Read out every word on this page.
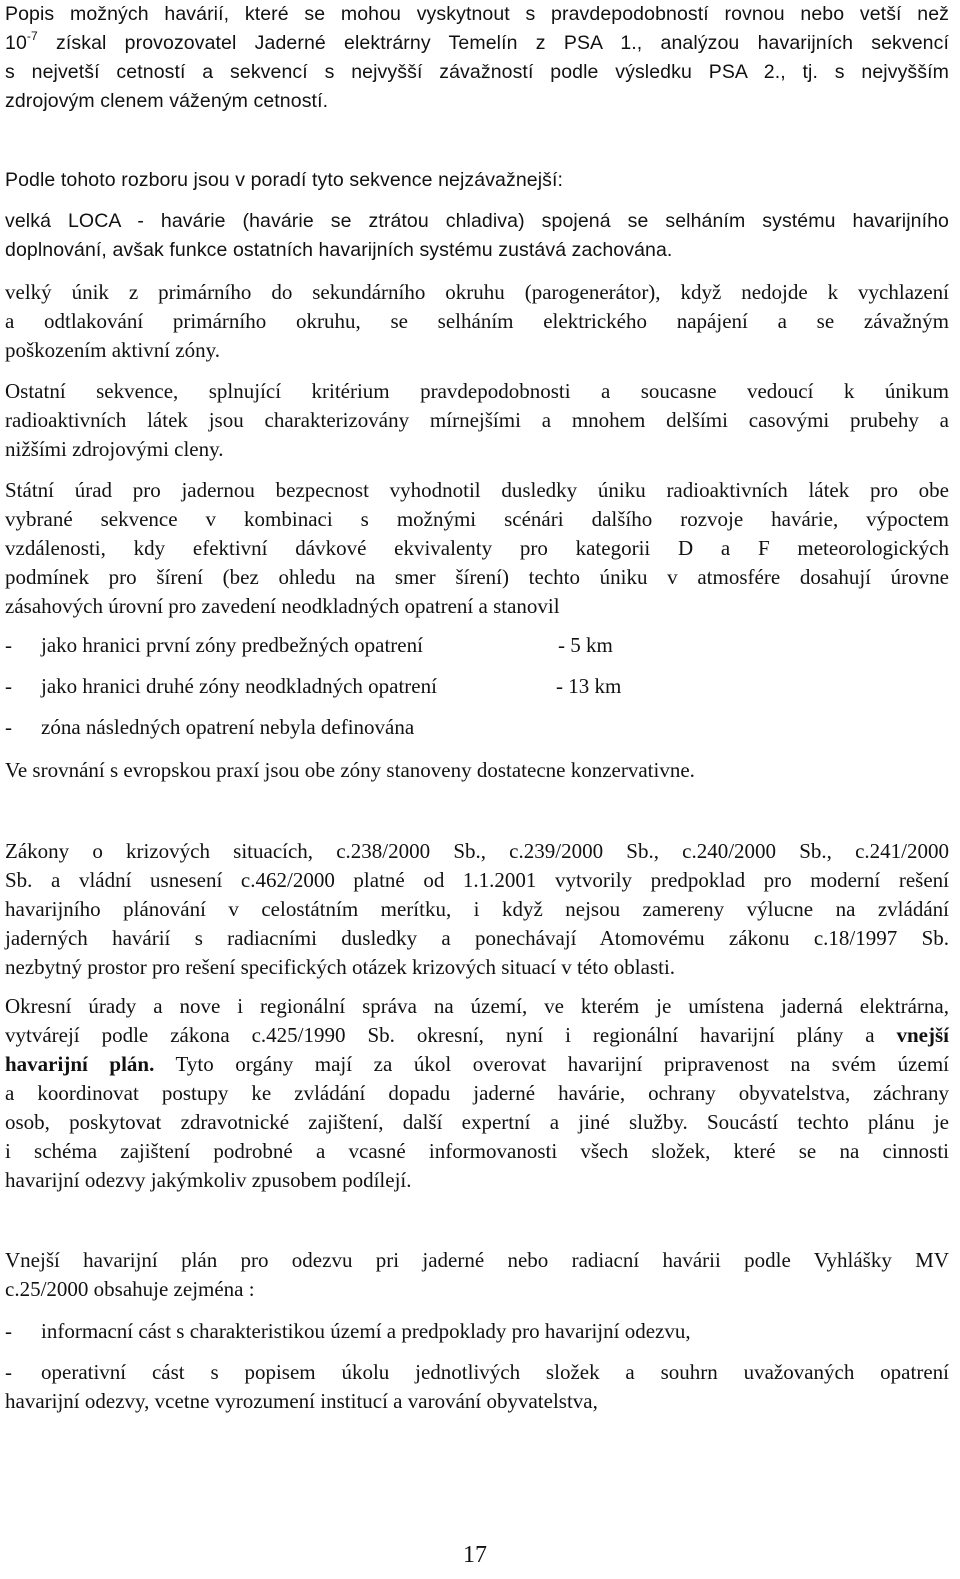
Popis možných havárií, které se mohou vyskytnout s pravdepodobností rovnou nebo vetší než
$10^{-7}$ získal provozovatel Jaderné elektrárny Temelín z PSA 1., analýzou havarijních sekvencí
s nejvetší cetností a sekvencí s nejvyšší závažností podle výsledku PSA 2., tj. s nejvyšším
zdrojovým clenem váženým cetností.
Podle tohoto rozboru jsou v poradí tyto sekvence nejzávažnejší:
velká LOCA - havárie (havárie se ztrátou chladiva) spojená se selháním systému havarijního
doplnování, avšak funkce ostatních havarijních systému zustává zachována.
velký únik z primárního do sekundárního okruhu (parogenerátor), když nedojde k vychlazení
a odtlakování primárního okruhu, se selháním elektrického napájení a se závažným
poškozením aktivní zóny.
Ostatní sekvence, splnující kritérium pravdepodobnosti a soucasne vedoucí k únikum
radioaktivních látek jsou charakterizovány mírnejšími a mnohem delšími casovými prubehy a
nižšími zdrojovými cleny.
Státní úrad pro jadernou bezpecnost vyhodnotil dusledky úniku radioaktivních látek pro obe
vybrané sekvence v kombinaci s možnými scénári dalšího rozvoje havárie, výpoctem
vzdálenosti, kdy efektivní dávkové ekvivalenty pro kategorii D a F meteorologických
podmínek pro šírení (bez ohledu na smer šírení) techto úniku v atmosfére dosahují úrovne
zásahových úrovní pro zavedení neodkladných opatrení a stanovil
- jako hranici první zóny predbežných opatrení	- 5 km
- jako hranici druhé zóny neodkladných opatrení	- 13 km
- zóna následných opatrení nebyla definována
Ve srovnání s evropskou praxí jsou obe zóny stanoveny dostatecne konzervativne.
Zákony o krizových situacích, c.238/2000 Sb., c.239/2000 Sb., c.240/2000 Sb., c.241/2000
Sb. a vládní usnesení c.462/2000 platné od 1.1.2001 vytvorily predpoklad pro moderní rešení
havarijního plánování v celostátním merítku, i když nejsou zamereny výlucne na zvládání
jaderných havárií s radiacními dusledky a ponechávají Atomovému zákonu c.18/1997 Sb.
nezbytný prostor pro rešení specifických otázek krizových situací v této oblasti.
Okresní úrady a nove i regionální správa na území, ve kterém je umístena jaderná elektrárna,
vytvárejí podle zákona c.425/1990 Sb. okresní, nyní i regionální havarijní plány a vnejší
havarijní plán. Tyto orgány mají za úkol overovat havarijní pripravenost na svém území
a koordinovat postupy ke zvládání dopadu jaderné havárie, ochrany obyvatelstva, záchrany
osob, poskytovat zdravotnické zajištení, další expertní a jiné služby. Soucástí techto plánu je
i schéma zajištení podrobné a vcasné informovanosti všech složek, které se na cinnosti
havarijní odezvy jakýmkoliv zpusobem podílejí.
Vnejší havarijní plán pro odezvu pri jaderné nebo radiacní havárii podle Vyhlášky MV
c.25/2000 obsahuje zejména :
- informacní cást s charakteristikou území a predpoklady pro havarijní odezvu,
- operativní cást s popisem úkolu jednotlivých složek a souhrn uvažovaných opatrení
havarijní odezvy, vcetne vyrozumení institucí a varování obyvatelstva,
17
